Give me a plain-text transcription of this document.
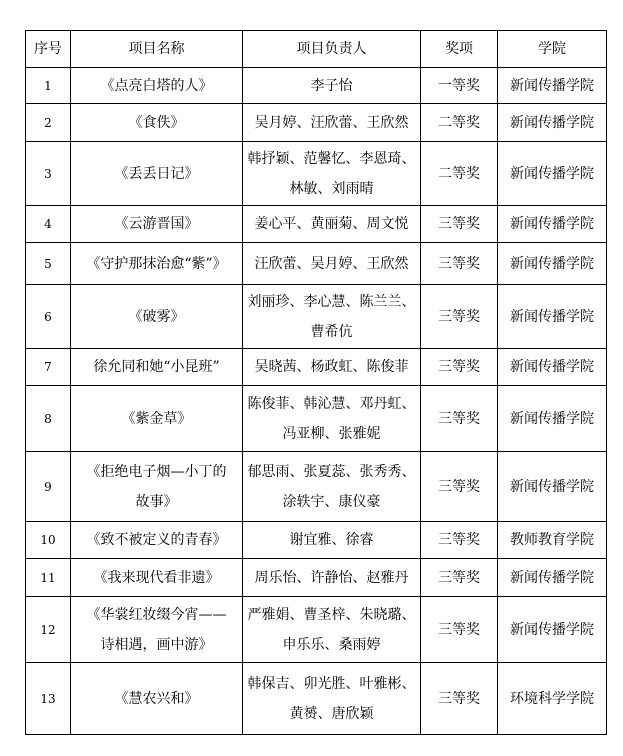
序号	项目名称	项目负责人	奖项	学院
1	《点亮白塔的人》	李子怡	一等奖	新闻传播学院
2	《食佚》	吴月婷、汪欣蕾、王欣然	二等奖	新闻传播学院
3	《丢丢日记》	韩抒颖、范馨忆、李恩琦、
林敏、刘雨晴	二等奖	新闻传播学院
4	《云游晋国》	姜心平、黄丽菊、周文悦	三等奖	新闻传播学院
5	《守护那抹治愈“紫”》	汪欣蕾、吴月婷、王欣然	三等奖	新闻传播学院
6	《破雾》	刘丽珍、李心慧、陈兰兰、
曹希伉	三等奖	新闻传播学院
7	徐允同和她“小昆班”	吴晓茜、杨政虹、陈俊菲	三等奖	新闻传播学院
8	《紫金草》	陈俊菲、韩沁慧、邓丹虹、
冯亚柳、张雅妮	三等奖	新闻传播学院
9	《拒绝电子烟—小丁的
故事》	郁思雨、张夏蕊、张秀秀、
涂轶宇、康仪豪	三等奖	新闻传播学院
10	《致不被定义的青春》	谢宜雅、徐睿	三等奖	教师教育学院
11	《我来现代看非遗》	周乐怡、许静怡、赵雅丹	三等奖	新闻传播学院
12	《华裳红妆缀今宵——
诗相遇，画中游》	严雅娟、曹圣梓、朱晓璐、
申乐乐、桑雨婷	三等奖	新闻传播学院
13	《慧农兴和》	韩保吉、卯光胜、叶雅彬、
黄赟、唐欣颖	三等奖	环境科学学院
